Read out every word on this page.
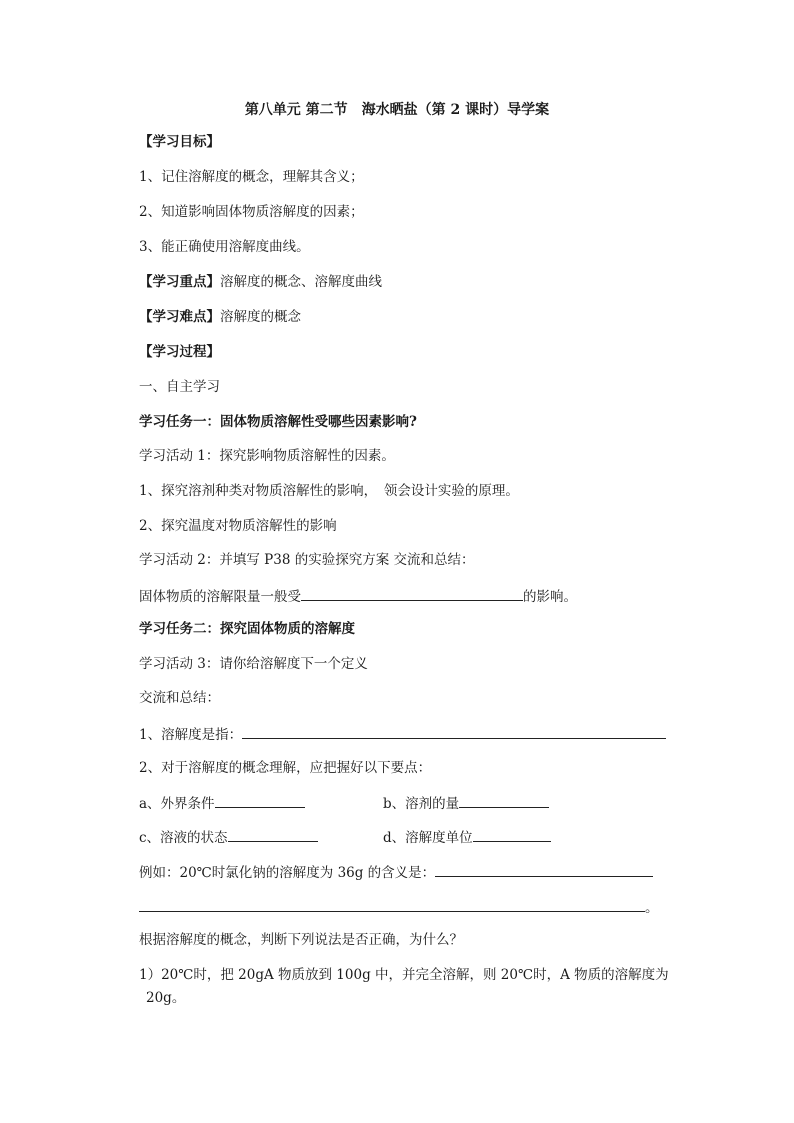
第八单元 第二节　海水晒盐（第 2 课时）导学案
【学习目标】
1、记住溶解度的概念，理解其含义；
2、知道影响固体物质溶解度的因素；
3、能正确使用溶解度曲线。
【学习重点】溶解度的概念、溶解度曲线
【学习难点】溶解度的概念
【学习过程】
一、自主学习
学习任务一：固体物质溶解性受哪些因素影响?
学习活动 1：探究影响物质溶解性的因素。
1、探究溶剂种类对物质溶解性的影响，　领会设计实验的原理。
2、探究温度对物质溶解性的影响
学习活动 2：并填写 P38 的实验探究方案 交流和总结：
固体物质的溶解限量一般受	的影响。
学习任务二：探究固体物质的溶解度
学习活动 3：请你给溶解度下一个定义
交流和总结：
1、溶解度是指：
2、对于溶解度的概念理解，应把握好以下要点：
a、外界条件	b、溶剂的量
c、溶液的状态	d、溶解度单位
例如：20℃时氯化钠的溶解度为 36g 的含义是：
。
根据溶解度的概念，判断下列说法是否正确，为什么？
1）20℃时，把 20gA 物质放到 100g 中，并完全溶解，则 20℃时，A 物质的溶解度为
20g。
